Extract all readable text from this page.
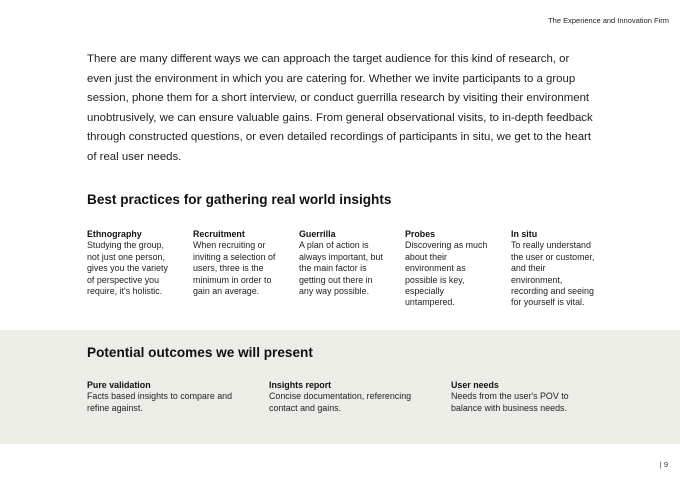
The Experience and Innovation Firm

There are many different ways we can approach the target audience for this kind of research, or even just the environment in which you are catering for. Whether we invite participants to a group session, phone them for a short interview, or conduct guerrilla research by visiting their environment unobtrusively, we can ensure valuable gains. From general observational visits, to in-depth feedback through constructed questions, or even detailed recordings of participants in situ, we get to the heart of real user needs.

Best practices for gathering real world insights
Ethnography
Studying the group, not just one person, gives you the variety of perspective you require, it's holistic.
Recruitment
When recruiting or inviting a selection of users, three is the minimum in order to gain an average.
Guerrilla
A plan of action is always important, but the main factor is getting out there in any way possible.
Probes
Discovering as much about their environment as possible is key, especially untampered.
In situ
To really understand the user or customer, and their environment, recording and seeing for yourself is vital.
Potential outcomes we will present
Pure validation
Facts based insights to compare and refine against.
Insights report
Concise documentation, referencing contact and gains.
User needs
Needs from the user's POV to balance with business needs.
| 9
